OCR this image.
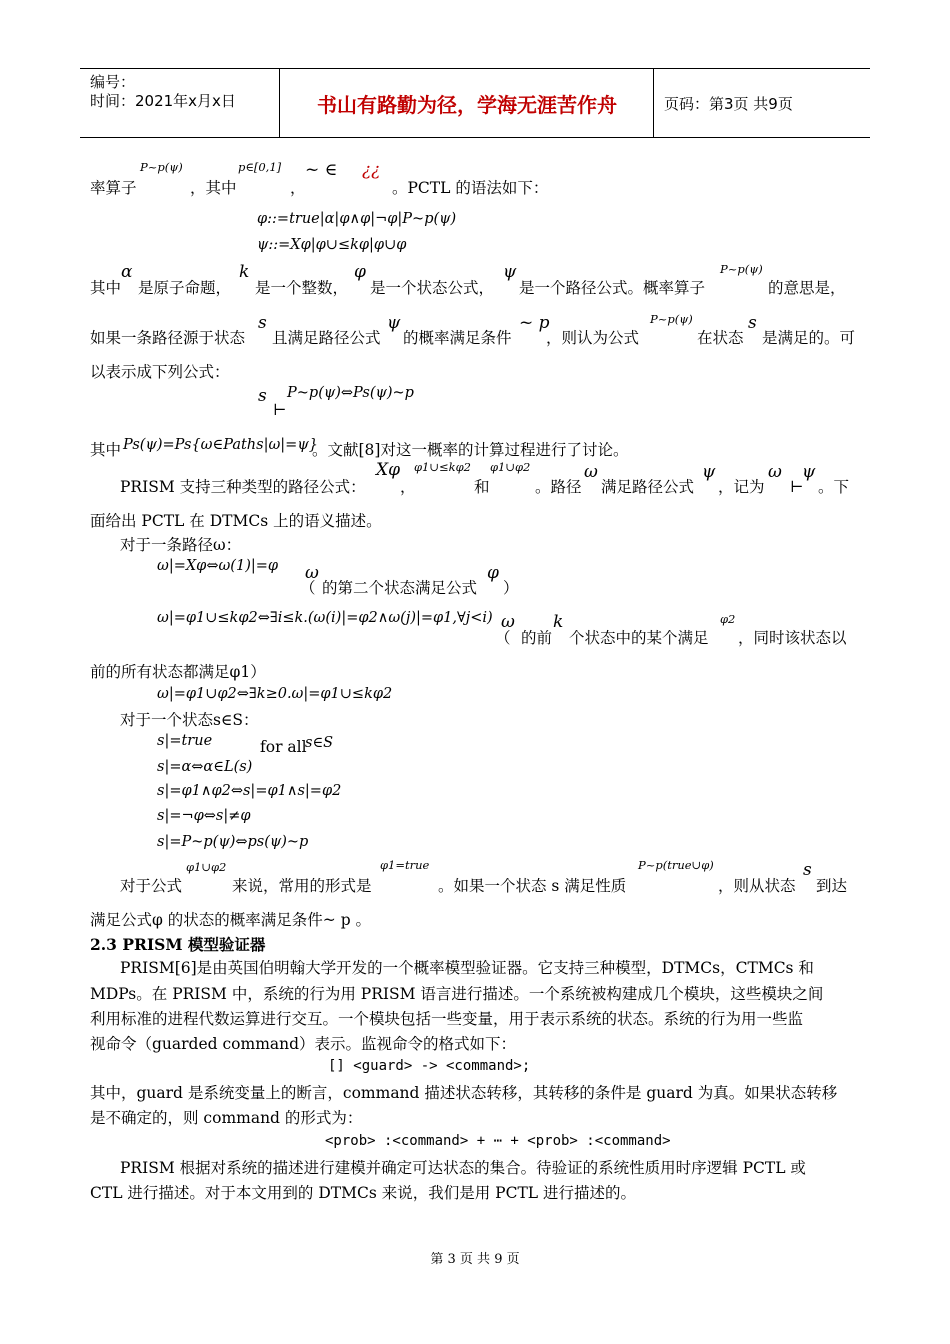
编号：
时间：2021年x月x日	书山有路勤为径，学海无涯苦作舟	页码：第3页 共9页
率算子
P~p(ψ)
，其中
p∈[0,1]
，
~ ∈ ¿¿
。PCTL 的语法如下：
φ::=true|α|φ∧φ|¬φ|P~p(ψ)
ψ::=Xφ|φ∪≤kφ|φ∪φ
其中
α
是原子命题，
k
是一个整数，
φ
是一个状态公式，
ψ
是一个路径公式。概率算子
P~p(ψ)
的意思是，
如果一条路径源于状态
s
且满足路径公式
ψ
的概率满足条件
~ p
，则认为公式
P~p(ψ)
在状态
s
是满足的。可
以表示成下列公式：
s
⊢
P~p(ψ)⇔Ps(ψ)~p
其中 Ps(ψ)=Ps{ω∈Paths|ω|=ψ}
。文献[8]对这一概率的计算过程进行了讨论。
PRISM 支持三种类型的路径公式：
Xφ
，
φ1∪≤kφ2
和
φ1∪φ2
。路径
ω
满足路径公式
ψ
，记为
ω
⊢
ψ
。下
面给出 PCTL 在 DTMCs 上的语义描述。
对于一条路径ω：
ω|=Xφ⇔ω(1)|=φ
（
ω
的第二个状态满足公式
φ
）
ω|=φ1∪≤kφ2⇔∃i≤k.(ω(i)|=φ2∧ω(j)|=φ1,∀j<i)
（
ω
的前
k
个状态中的某个满足
φ2
，同时该状态以
前的所有状态都满足φ1）
ω|=φ1∪φ2⇔∃k≥0.ω|=φ1∪≤kφ2
对于一个状态s∈S：
s|=true	for all
s∈S
s|=α⇔α∈L(s)
s|=φ1∧φ2⇔s|=φ1∧s|=φ2
s|=¬φ⇔s|≠φ
s|=P~p(ψ)⇔ps(ψ)~p
对于公式
φ1∪φ2
来说，常用的形式是
φ1=true
。如果一个状态 s 满足性质
P~p(true∪φ)
，则从状态
s
到达
满足公式φ 的状态的概率满足条件~ p 。
2.3 PRISM 模型验证器
PRISM[6]是由英国伯明翰大学开发的一个概率模型验证器。它支持三种模型，DTMCs，CTMCs 和
MDPs。在 PRISM 中，系统的行为用 PRISM 语言进行描述。一个系统被构建成几个模块，这些模块之间
利用标准的进程代数运算进行交互。一个模块包括一些变量，用于表示系统的状态。系统的行为用一些监
视命令（guarded command）表示。监视命令的格式如下：
[] <guard> -> <command>;
其中，guard 是系统变量上的断言，command 描述状态转移，其转移的条件是 guard 为真。如果状态转移
是不确定的，则 command 的形式为：
<prob> :<command> + ⋯ + <prob> :<command>
PRISM 根据对系统的描述进行建模并确定可达状态的集合。待验证的系统性质用时序逻辑 PCTL 或
CTL 进行描述。对于本文用到的 DTMCs 来说，我们是用 PCTL 进行描述的。
第 3 页 共 9 页
